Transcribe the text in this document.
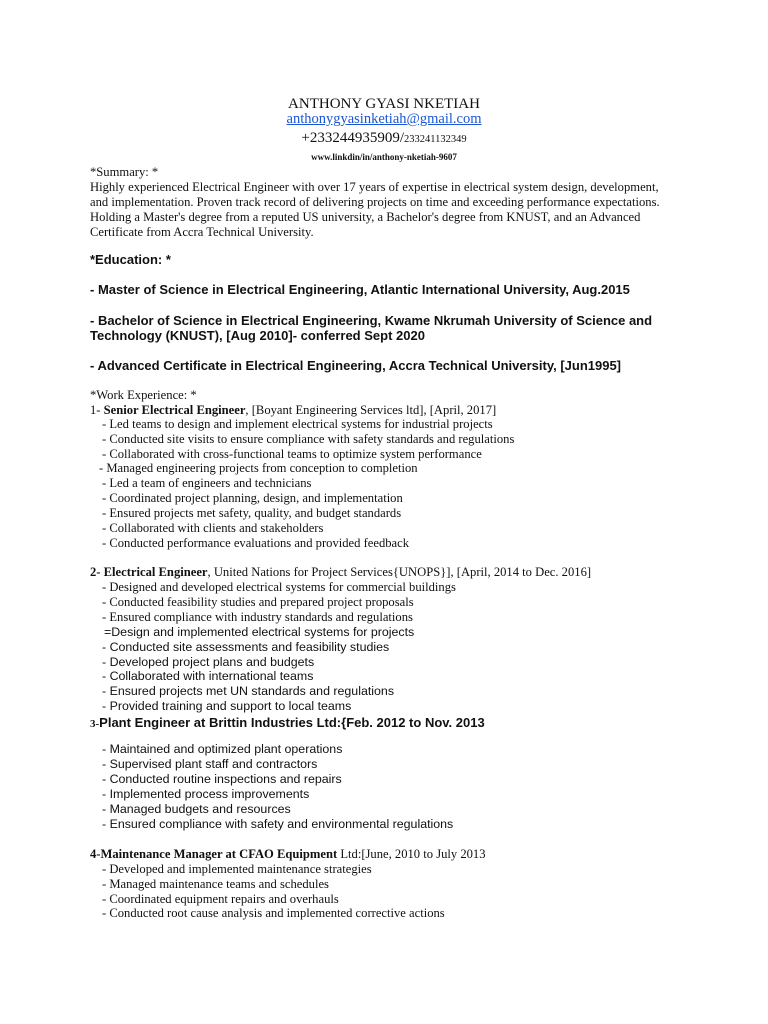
ANTHONY GYASI NKETIAH
anthonygyasinketiah@gmail.com
+233244935909/233241132349
www.linkdin/in/anthony-nketiah-9607
*Summary: *
Highly experienced Electrical Engineer with over 17 years of expertise in electrical system design, development,
and implementation. Proven track record of delivering projects on time and exceeding performance expectations.
Holding a Master's degree from a reputed US university, a Bachelor's degree from KNUST, and an Advanced
Certificate from Accra Technical University.
*Education: *
- Master of Science in Electrical Engineering, Atlantic International University, Aug.2015
- Bachelor of Science in Electrical Engineering, Kwame Nkrumah University of Science and
Technology (KNUST), [Aug 2010]- conferred Sept 2020
- Advanced Certificate in Electrical Engineering, Accra Technical University, [Jun1995]
*Work Experience: *
1- Senior Electrical Engineer, [Boyant Engineering Services ltd], [April, 2017]
- Led teams to design and implement electrical systems for industrial projects
- Conducted site visits to ensure compliance with safety standards and regulations
- Collaborated with cross-functional teams to optimize system performance
- Managed engineering projects from conception to completion
- Led a team of engineers and technicians
- Coordinated project planning, design, and implementation
- Ensured projects met safety, quality, and budget standards
- Collaborated with clients and stakeholders
- Conducted performance evaluations and provided feedback
2- Electrical Engineer, United Nations for Project Services{UNOPS}], [April, 2014 to Dec. 2016]
- Designed and developed electrical systems for commercial buildings
- Conducted feasibility studies and prepared project proposals
- Ensured compliance with industry standards and regulations
=Design and implemented electrical systems for projects
- Conducted site assessments and feasibility studies
- Developed project plans and budgets
- Collaborated with international teams
- Ensured projects met UN standards and regulations
- Provided training and support to local teams
3-Plant Engineer at Brittin Industries Ltd:{Feb. 2012 to Nov. 2013
- Maintained and optimized plant operations
- Supervised plant staff and contractors
- Conducted routine inspections and repairs
- Implemented process improvements
- Managed budgets and resources
- Ensured compliance with safety and environmental regulations
4-Maintenance Manager at CFAO Equipment Ltd:[June, 2010 to July 2013
- Developed and implemented maintenance strategies
- Managed maintenance teams and schedules
- Coordinated equipment repairs and overhauls
- Conducted root cause analysis and implemented corrective actions
